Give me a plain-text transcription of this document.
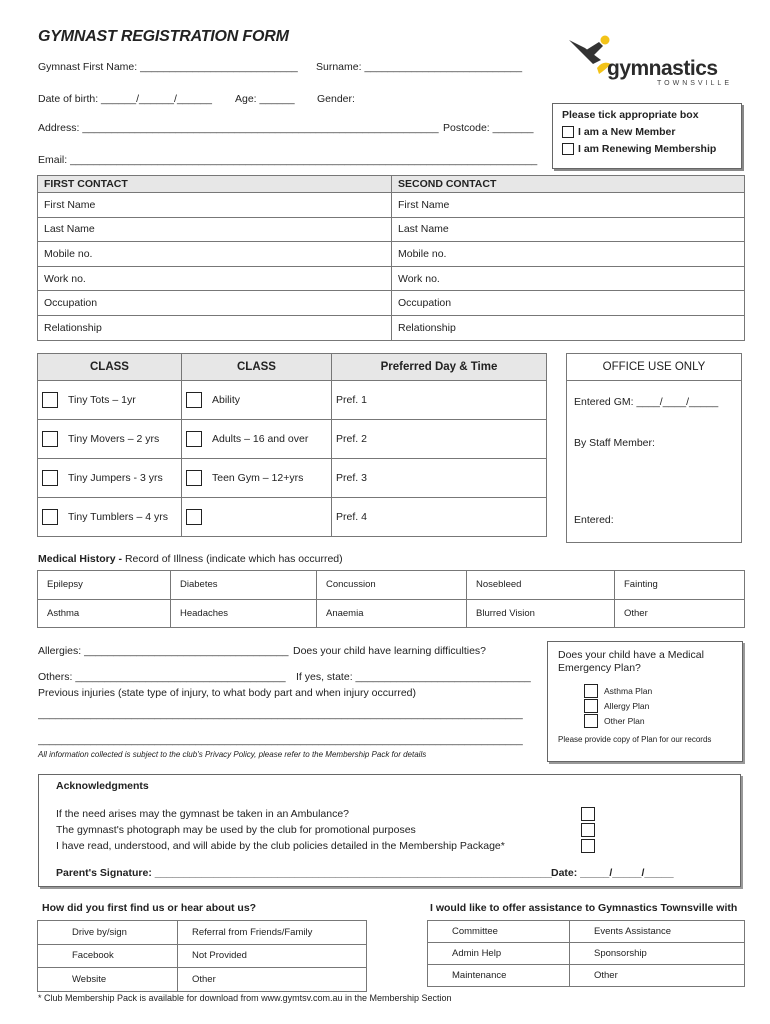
GYMNAST REGISTRATION FORM
Gymnast First Name: ___________________________ Surname: ___________________________
Date of birth: ______/______/______ Age: ______ Gender:
Address: _____________________________________________________________ Postcode: _______
Email: ________________________________________________________________________________
gymnastics
TOWNSVILLE
Please tick appropriate box
I am a New Member
I am Renewing Membership
FIRST CONTACT	SECOND CONTACT
First Name	First Name
Last Name	Last Name
Mobile no.	Mobile no.
Work no.	Work no.
Occupation	Occupation
Relationship	Relationship
CLASS	CLASS	Preferred Day & Time

Tiny Tots – 1yr	Ability	Pref. 1

Tiny Movers – 2 yrs	Adults – 16 and over	Pref. 2

Tiny Jumpers - 3 yrs	Teen Gym – 12+yrs	Pref. 3

Tiny Tumblers – 4 yrs		Pref. 4
OFFICE USE ONLY
Entered GM: ____/____/_____
By Staff Member:
Entered:
Medical History - Record of Illness (indicate which has occurred)
Epilepsy	Diabetes	Concussion	Nosebleed	Fainting
Asthma	Headaches	Anaemia	Blurred Vision	Other
Allergies: ___________________________________ Does your child have learning difficulties?
Others: ____________________________________ If yes, state: ______________________________
Previous injuries (state type of injury, to what body part and when injury occurred)
___________________________________________________________________________________
___________________________________________________________________________________
All information collected is subject to the club's Privacy Policy, please refer to the Membership Pack for details
Does your child have a Medical Emergency Plan?
Asthma Plan
Allergy Plan
Other Plan
Please provide copy of Plan for our records
Acknowledgments
If the need arises may the gymnast be taken in an Ambulance?
The gymnast's photograph may be used by the club for promotional purposes
I have read, understood, and will abide by the club policies detailed in the Membership Package*
Parent's Signature: ____________________________________________________________________ Date: _____/_____/_____
How did you first find us or hear about us?
Drive by/sign	Referral from Friends/Family
Facebook	Not Provided
Website	Other
I would like to offer assistance to Gymnastics Townsville with
Committee	Events Assistance
Admin Help	Sponsorship
Maintenance	Other
* Club Membership Pack is available for download from www.gymtsv.com.au in the Membership Section
